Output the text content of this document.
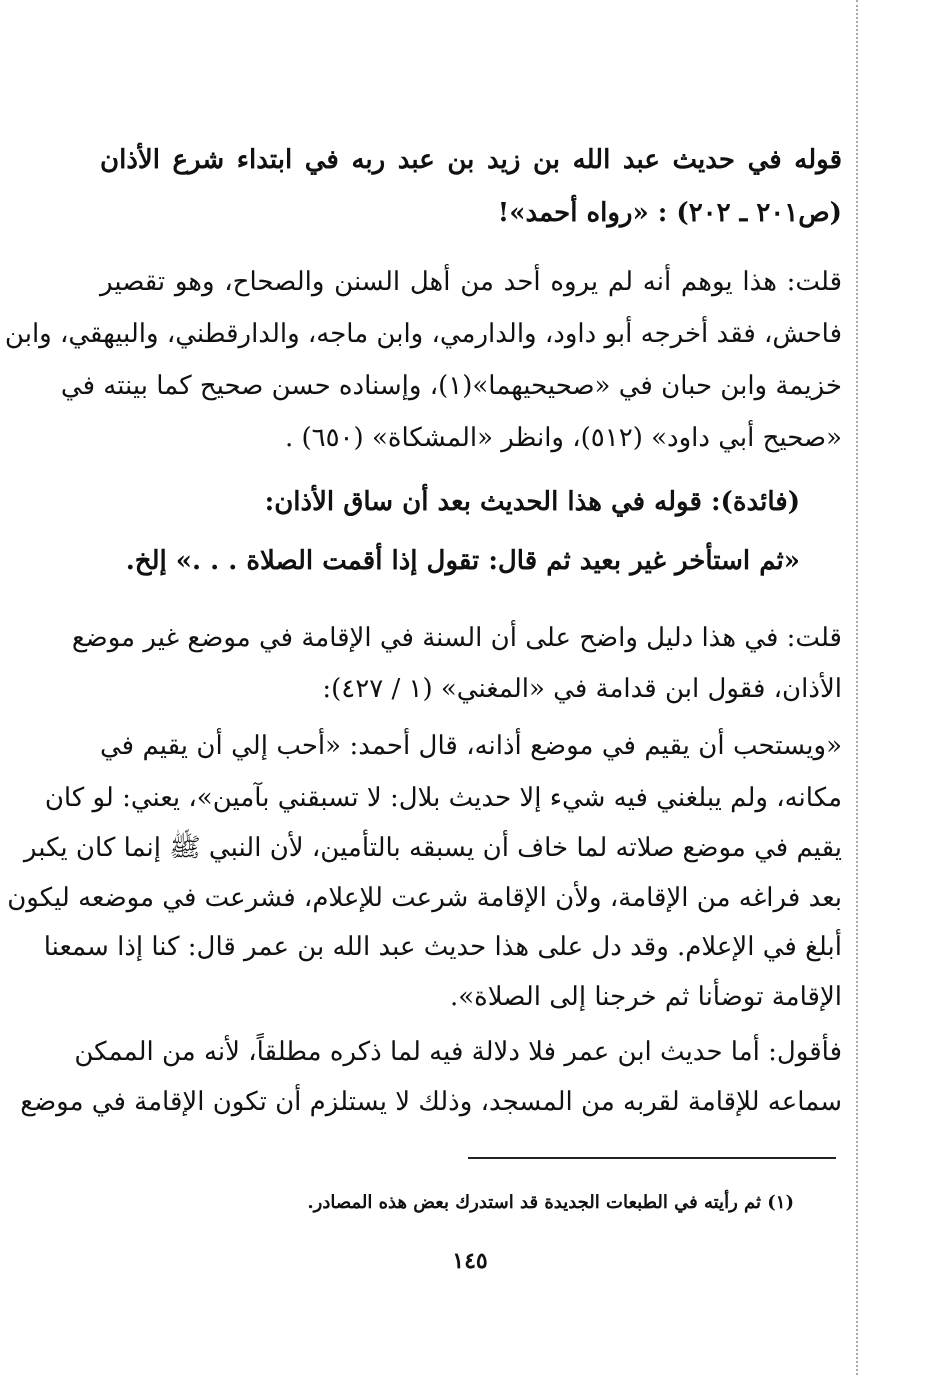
قوله في حديث عبد الله بن زيد بن عبد ربه في ابتداء شرع الأذان
(ص٢٠١ ـ ٢٠٢) : «رواه أحمد»!
قلت: هذا يوهم أنه لم يروه أحد من أهل السنن والصحاح، وهو تقصير
فاحش، فقد أخرجه أبو داود، والدارمي، وابن ماجه، والدارقطني، والبيهقي، وابن
خزيمة وابن حبان في «صحيحيهما»(١)، وإسناده حسن صحيح كما بينته في
«صحيح أبي داود» (٥١٢)، وانظر «المشكاة» (٦٥٠) .
(فائدة): قوله في هذا الحديث بعد أن ساق الأذان:
«ثم استأخر غير بعيد ثم قال: تقول إذا أقمت الصلاة . . .» إلخ.
قلت: في هذا دليل واضح على أن السنة في الإقامة في موضع غير موضع
الأذان، فقول ابن قدامة في «المغني» (١ / ٤٢٧):
«ويستحب أن يقيم في موضع أذانه، قال أحمد: «أحب إلي أن يقيم في
مكانه، ولم يبلغني فيه شيء إلا حديث بلال: لا تسبقني بآمين»، يعني: لو كان
يقيم في موضع صلاته لما خاف أن يسبقه بالتأمين، لأن النبي ﷺ إنما كان يكبر
بعد فراغه من الإقامة، ولأن الإقامة شرعت للإعلام، فشرعت في موضعه ليكون
أبلغ في الإعلام. وقد دل على هذا حديث عبد الله بن عمر قال: كنا إذا سمعنا
الإقامة توضأنا ثم خرجنا إلى الصلاة».
فأقول: أما حديث ابن عمر فلا دلالة فيه لما ذكره مطلقاً، لأنه من الممكن
سماعه للإقامة لقربه من المسجد، وذلك لا يستلزم أن تكون الإقامة في موضع
(١) ثم رأيته في الطبعات الجديدة قد استدرك بعض هذه المصادر.
١٤٥
